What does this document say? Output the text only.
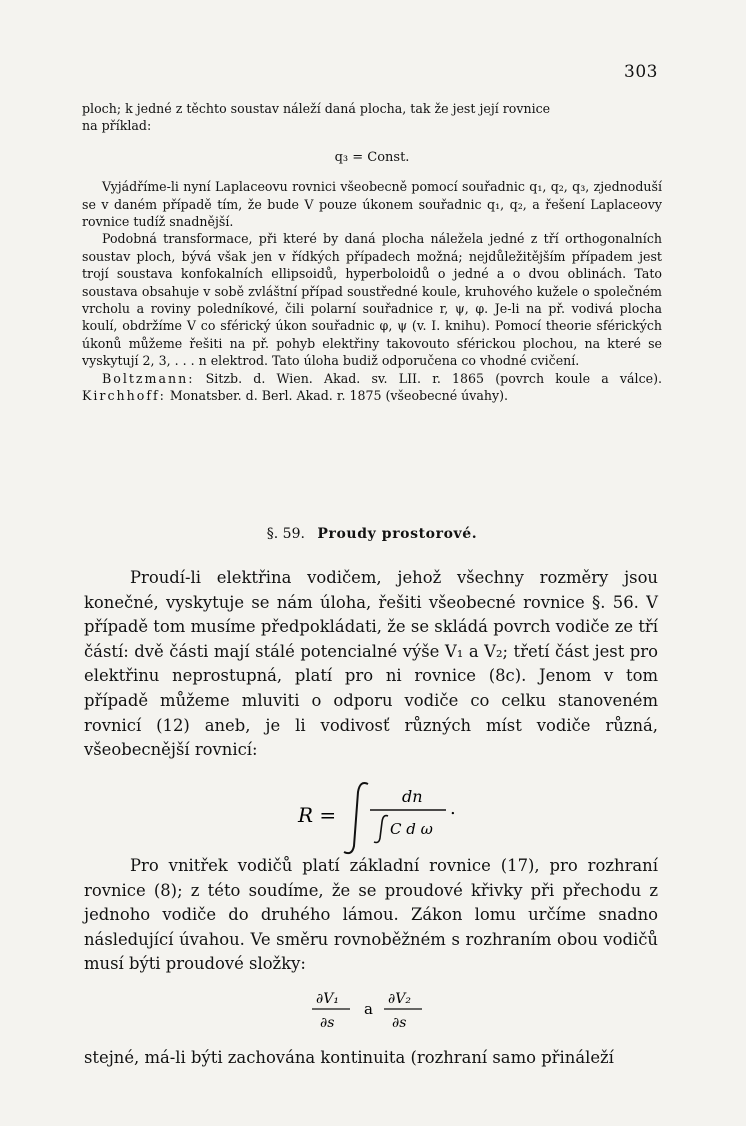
303

ploch; k jedné z těchto soustav náleží daná plocha, tak že jest její rovnice
na příklad:

q₃ = Const.

Vyjádříme-li nyní Laplaceovu rovnici všeobecně pomocí souřadnic q₁, q₂, q₃, zjednoduší se v daném případě tím, že bude V pouze úkonem souřadnic q₁, q₂, a řešení Laplaceovy rovnice tudíž snadnější.

Podobná transformace, při které by daná plocha náležela jedné z tří orthogonalních soustav ploch, bývá však jen v řídkých případech možná; nejdůležitějším případem jest trojí soustava konfokalních ellipsoidů, hyperboloidů o jedné a o dvou oblinách. Tato soustava obsahuje v sobě zvláštní případ soustředné koule, kruhového kužele o společném vrcholu a roviny poledníkové, čili polarní souřadnice r, ψ, φ. Je-li na př. vodivá plocha koulí, obdržíme V co sférický úkon souřadnic φ, ψ (v. I. knihu). Pomocí theorie sférických úkonů můžeme řešiti na př. pohyb elektřiny takovouto sférickou plochou, na které se vyskytují 2, 3, . . . n elektrod. Tato úloha budiž odporučena co vhodné cvičení.

Boltzmann: Sitzb. d. Wien. Akad. sv. LII. r. 1865 (povrch koule a válce). Kirchhoff: Monatsber. d. Berl. Akad. r. 1875 (všeobecné úvahy).

§. 59. Proudy prostorové.

Proudí-li elektřina vodičem, jehož všechny rozměry jsou konečné, vyskytuje se nám úloha, řešiti všeobecné rovnice §. 56. V případě tom musíme předpokládati, že se skládá povrch vodiče ze tří částí: dvě části mají stálé potencialné výše V₁ a V₂; třetí část jest pro elektřinu neprostupná, platí pro ni rovnice (8c). Jenom v tom případě můžeme mluviti o odporu vodiče co celku stanoveném rovnicí (12) aneb, je li vodivosť různých míst vodiče různá, všeobecnější rovnicí:

R =
dn
C d ω
.

Pro vnitřek vodičů platí základní rovnice (17), pro rozhraní rovnice (8); z této soudíme, že se proudové křivky při přechodu z jednoho vodiče do druhého lámou. Zákon lomu určíme snadno následující úvahou. Ve směru rovnoběžném s rozhraním obou vodičů musí býti proudové složky:

∂V₁
∂s
a
∂V₂
∂s
stejné, má-li býti zachována kontinuita (rozhraní samo přináleží
